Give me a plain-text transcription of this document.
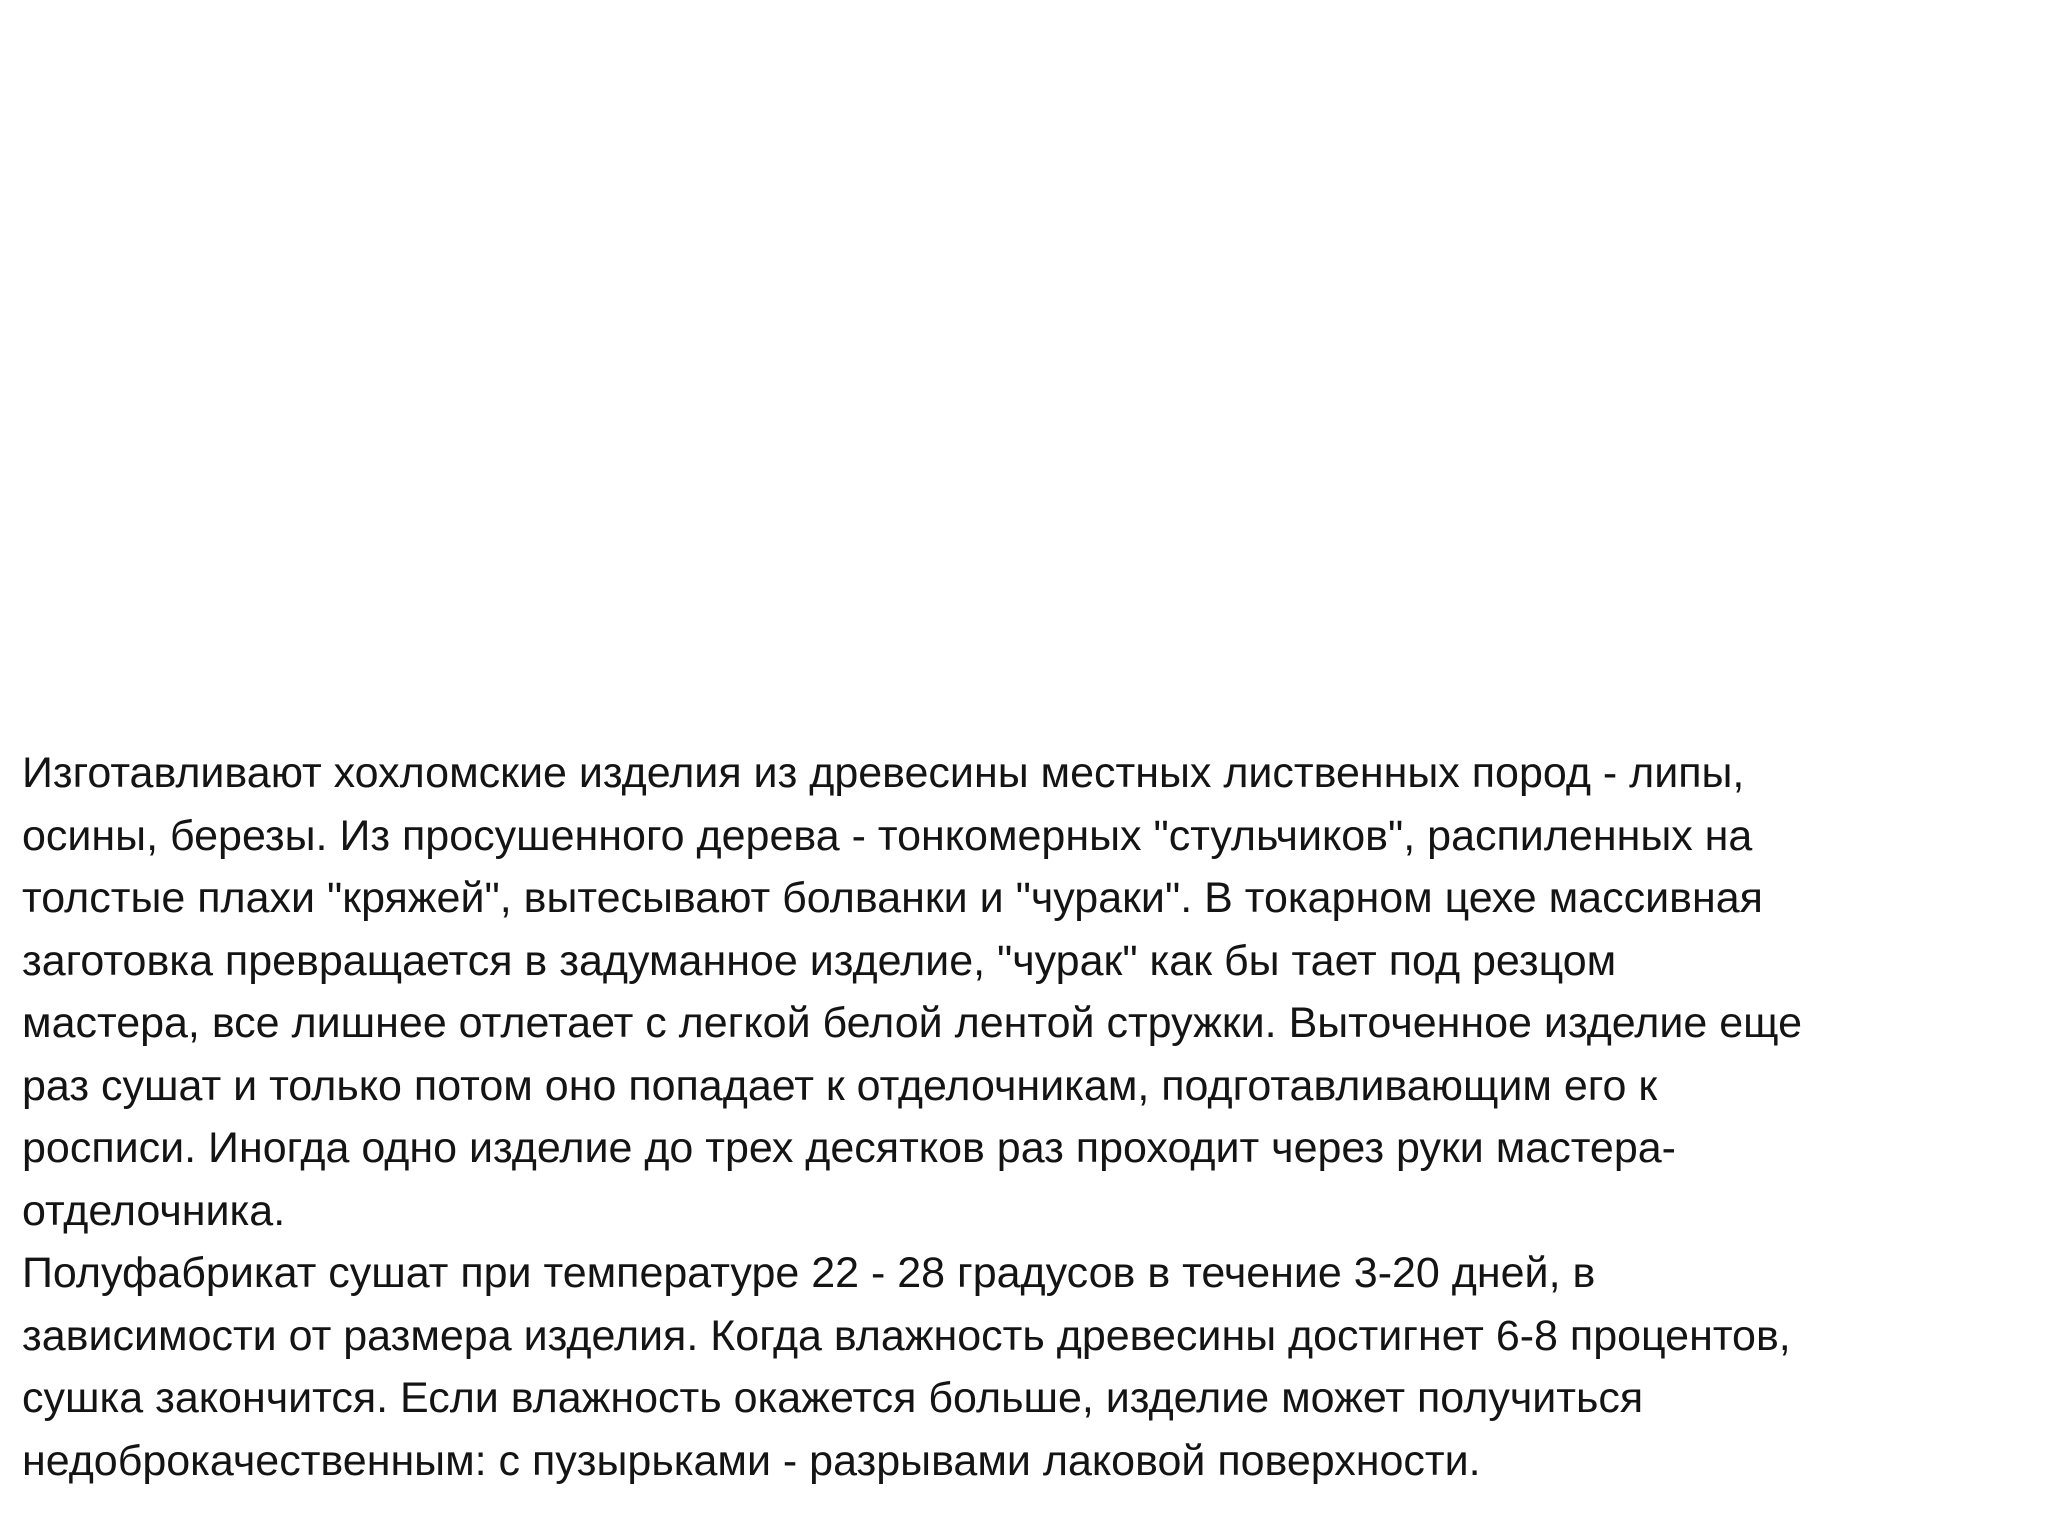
Изготавливают хохломские изделия из древесины местных лиственных пород - липы,
осины, березы. Из просушенного дерева - тонкомерных "стульчиков", распиленных на
толстые плахи "кряжей", вытесывают болванки и "чураки". В токарном цехе массивная
заготовка превращается в задуманное изделие, "чурак" как бы тает под резцом
мастера, все лишнее отлетает с легкой белой лентой стружки. Выточенное изделие еще
раз сушат и только потом оно попадает к отделочникам, подготавливающим его к
росписи. Иногда одно изделие до трех десятков раз проходит через руки мастера-
отделочника.
Полуфабрикат сушат при температуре 22 - 28 градусов в течение 3-20 дней, в
зависимости от размера изделия. Когда влажность древесины достигнет 6-8 процентов,
сушка закончится. Если влажность окажется больше, изделие может получиться
недоброкачественным: с пузырьками - разрывами лаковой поверхности.
